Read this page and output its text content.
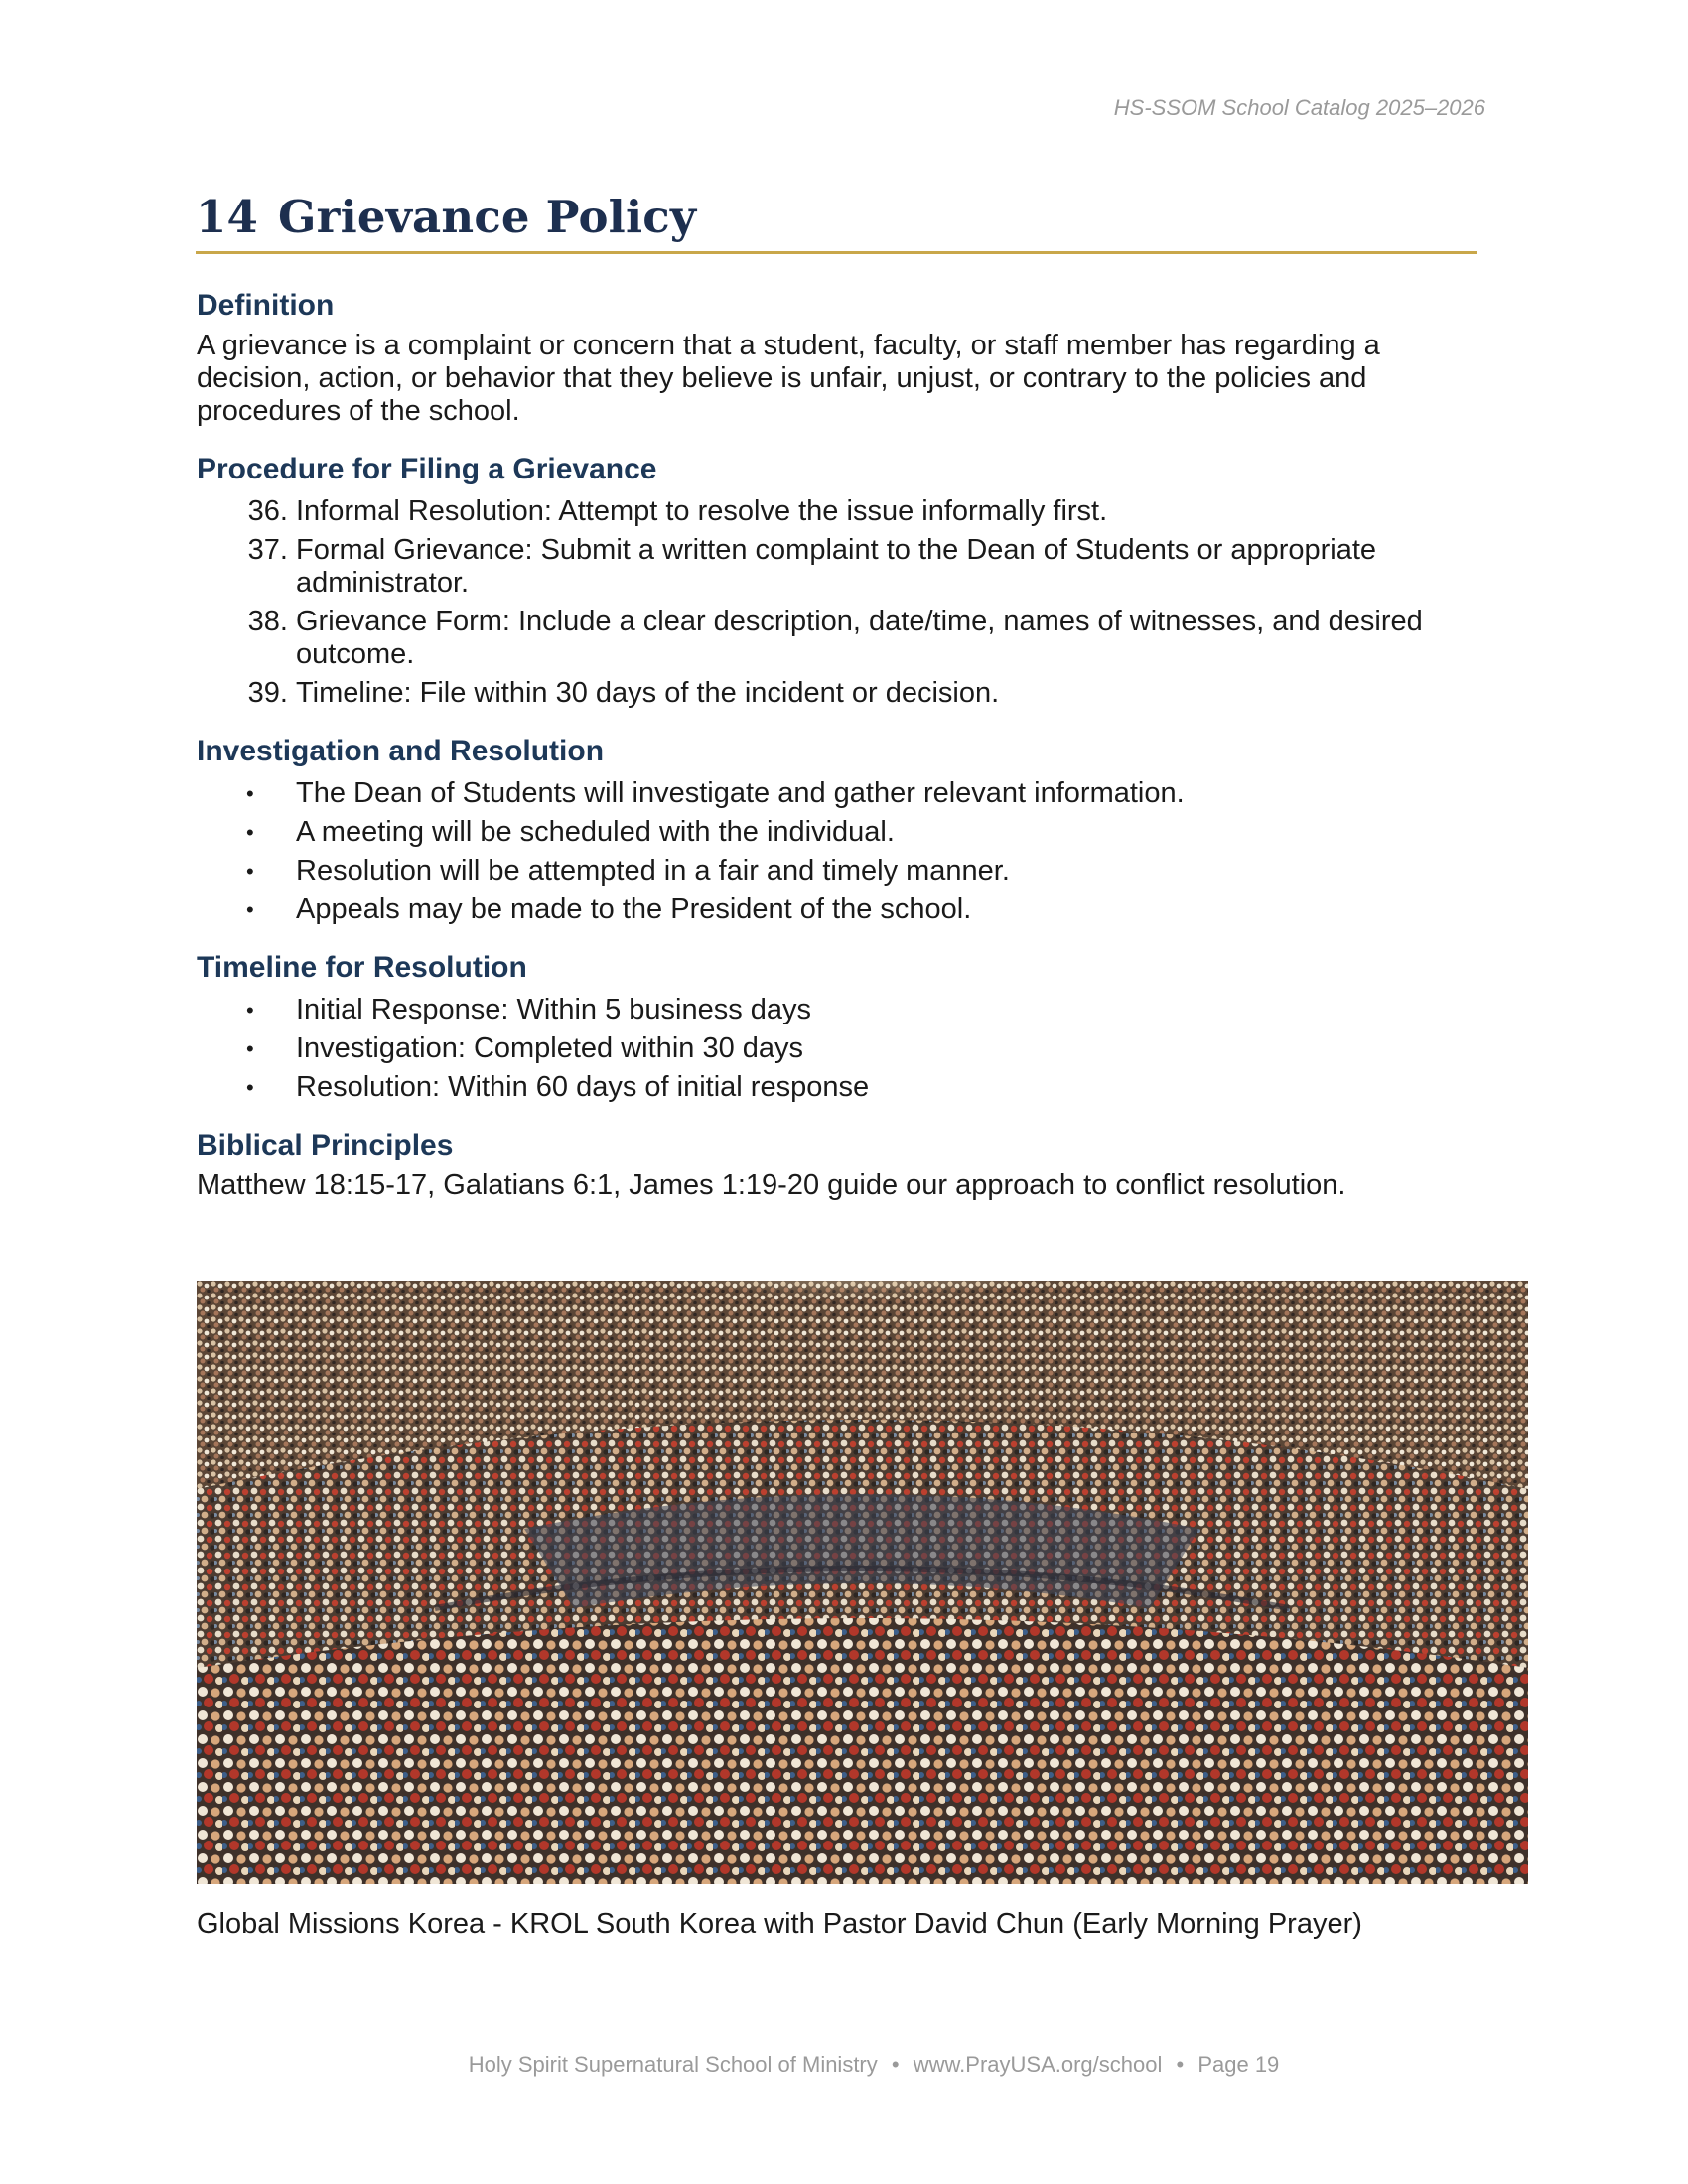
HS-SSOM School Catalog 2025–2026
14 Grievance Policy
Definition

A grievance is a complaint or concern that a student, faculty, or staff member has regarding a decision, action, or behavior that they believe is unfair, unjust, or contrary to the policies and procedures of the school.

Procedure for Filing a Grievance
36. Informal Resolution: Attempt to resolve the issue informally first.
37. Formal Grievance: Submit a written complaint to the Dean of Students or appropriate administrator.
38. Grievance Form: Include a clear description, date/time, names of witnesses, and desired outcome.
39. Timeline: File within 30 days of the incident or decision.
Investigation and Resolution
• The Dean of Students will investigate and gather relevant information.
• A meeting will be scheduled with the individual.
• Resolution will be attempted in a fair and timely manner.
• Appeals may be made to the President of the school.
Timeline for Resolution
• Initial Response: Within 5 business days
• Investigation: Completed within 30 days
• Resolution: Within 60 days of initial response
Biblical Principles

Matthew 18:15-17, Galatians 6:1, James 1:19-20 guide our approach to conflict resolution.

Global Missions Korea - KROL South Korea with Pastor David Chun (Early Morning Prayer)
Holy Spirit Supernatural School of Ministry • www.PrayUSA.org/school • Page 19
